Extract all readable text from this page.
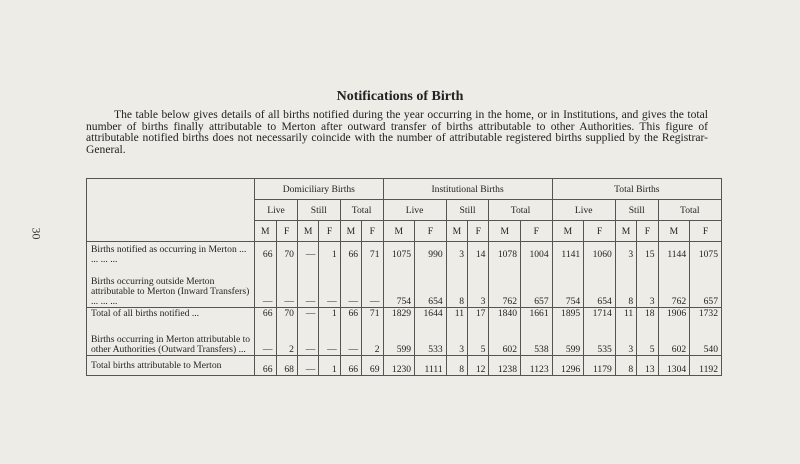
30
Notifications of Birth

The table below gives details of all births notified during the year occurring in the home, or in Institutions, and gives the total number of births finally attributable to Merton after outward transfer of births attributable to other Authorities. This figure of attributable notified births does not necessarily coincide with the number of attributable registered births supplied by the Registrar-General.

	Domiciliary Births						Institutional Births						Total Births					
	Live		Still		Total		Live		Still		Total		Live		Still		Total	
	M	F	M	F	M	F	M	F	M	F	M	F	M	F	M	F	M	F
Births notified as occurring in Merton ... ... ... ...	66	70	—	1	66	71	1075	990	3	14	1078	1004	1141	1060	3	15	1144	1075
Births occurring outside Merton attributable to Merton (Inward Transfers) ... ... ...	—	—	—	—	—	—	754	654	8	3	762	657	754	654	8	3	762	657
Total of all births notified ...	66	70	—	1	66	71	1829	1644	11	17	1840	1661	1895	1714	11	18	1906	1732
Births occurring in Merton attributable to other Authorities (Outward Transfers) ...	—	2	—	—	—	2	599	533	3	5	602	538	599	535	3	5	602	540
Total births attributable to Merton	66	68	—	1	66	69	1230	1111	8	12	1238	1123	1296	1179	8	13	1304	1192
